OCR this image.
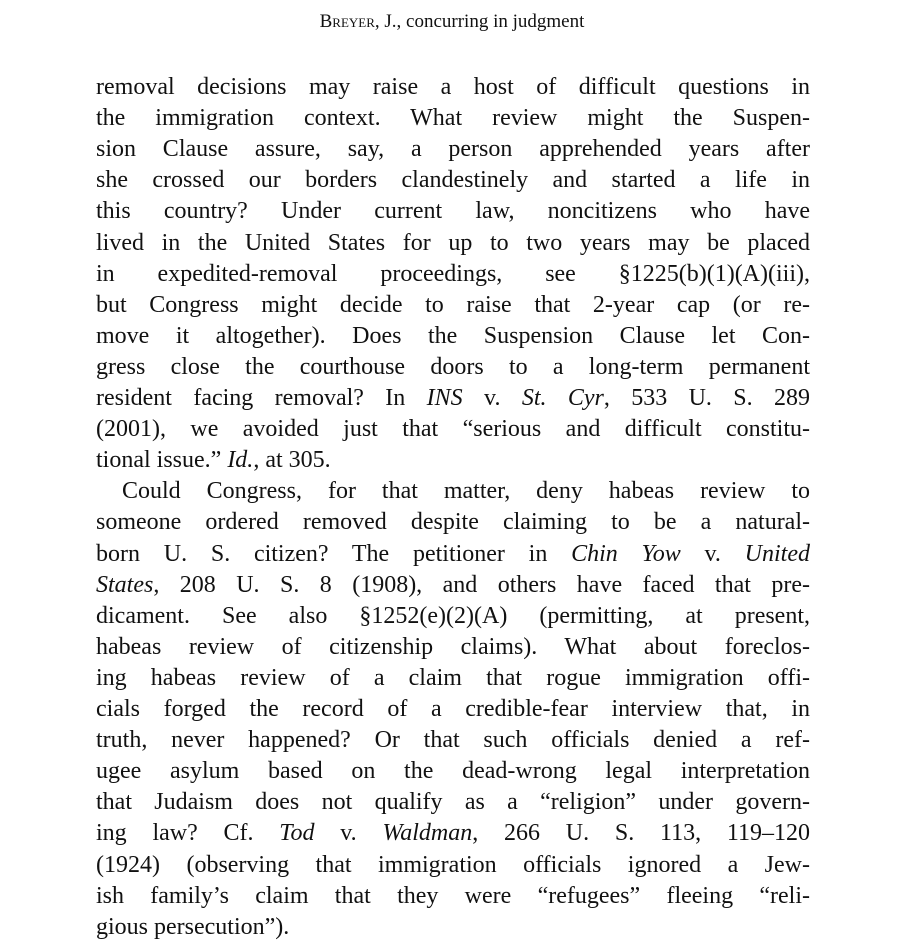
Breyer, J., concurring in judgment
removal decisions may raise a host of difficult questions in
the immigration context. What review might the Suspen-
sion Clause assure, say, a person apprehended years after
she crossed our borders clandestinely and started a life in
this country? Under current law, noncitizens who have
lived in the United States for up to two years may be placed
in expedited-removal proceedings, see §1225(b)(1)(A)(iii),
but Congress might decide to raise that 2-year cap (or re-
move it altogether). Does the Suspension Clause let Con-
gress close the courthouse doors to a long-term permanent
resident facing removal? In INS v. St. Cyr, 533 U. S. 289
(2001), we avoided just that “serious and difficult constitu-
tional issue.” Id., at 305.
Could Congress, for that matter, deny habeas review to
someone ordered removed despite claiming to be a natural-
born U. S. citizen? The petitioner in Chin Yow v. United
States, 208 U. S. 8 (1908), and others have faced that pre-
dicament. See also §1252(e)(2)(A) (permitting, at present,
habeas review of citizenship claims). What about foreclos-
ing habeas review of a claim that rogue immigration offi-
cials forged the record of a credible-fear interview that, in
truth, never happened? Or that such officials denied a ref-
ugee asylum based on the dead-wrong legal interpretation
that Judaism does not qualify as a “religion” under govern-
ing law? Cf. Tod v. Waldman, 266 U. S. 113, 119–120
(1924) (observing that immigration officials ignored a Jew-
ish family’s claim that they were “refugees” fleeing “reli-
gious persecution”).
